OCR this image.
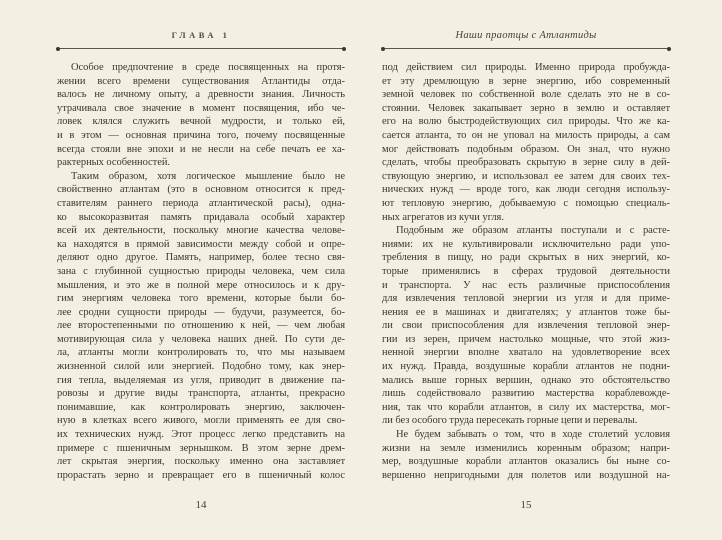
ГЛАВА 1
Особое предпочтение в среде посвященных на протя-
жении всего времени существования Атлантиды отда-
валось не личному опыту, а древности знания. Личность
утрачивала свое значение в момент посвящения, ибо че-
ловек клялся служить вечной мудрости, и только ей,
и в этом — основная причина того, почему посвященные
всегда стояли вне эпохи и не несли на себе печать ее ха-
рактерных особенностей.
Таким образом, хотя логическое мышление было не
свойственно атлантам (это в основном относится к пред-
ставителям раннего периода атлантической расы), одна-
ко высокоразвитая память придавала особый характер
всей их деятельности, поскольку многие качества челове-
ка находятся в прямой зависимости между собой и опре-
деляют одно другое. Память, например, более тесно свя-
зана с глубинной сущностью природы человека, чем сила
мышления, и это же в полной мере относилось и к дру-
гим энергиям человека того времени, которые были бо-
лее сродни сущности природы — будучи, разумеется, бо-
лее второстепенными по отношению к ней, — чем любая
мотивирующая сила у человека наших дней. По сути де-
ла, атланты могли контролировать то, что мы называем
жизненной силой или энергией. Подобно тому, как энер-
гия тепла, выделяемая из угля, приводит в движение па-
ровозы и другие виды транспорта, атланты, прекрасно
понимавшие, как контролировать энергию, заключен-
ную в клетках всего живого, могли применять ее для сво-
их технических нужд. Этот процесс легко представить на
примере с пшеничным зернышком. В этом зерне дрем-
лет скрытая энергия, поскольку именно она заставляет
прорастать зерно и превращает его в пшеничный колос
14
Наши праотцы с Атлантиды
под действием сил природы. Именно природа пробужда-
ет эту дремлющую в зерне энергию, ибо современный
земной человек по собственной воле сделать это не в со-
стоянии. Человек закапывает зерно в землю и оставляет
его на волю быстродействующих сил природы. Что же ка-
сается атланта, то он не уповал на милость природы, а сам
мог действовать подобным образом. Он знал, что нужно
сделать, чтобы преобразовать скрытую в зерне силу в дей-
ствующую энергию, и использовал ее затем для своих тех-
нических нужд — вроде того, как люди сегодня использу-
ют тепловую энергию, добываемую с помощью специаль-
ных агрегатов из кучи угля.
Подобным же образом атланты поступали и с расте-
ниями: их не культивировали исключительно ради упо-
требления в пищу, но ради скрытых в них энергий, ко-
торые применялись в сферах трудовой деятельности
и транспорта. У нас есть различные приспособления
для извлечения тепловой энергии из угля и для приме-
нения ее в машинах и двигателях; у атлантов тоже бы-
ли свои приспособления для извлечения тепловой энер-
гии из зерен, причем настолько мощные, что этой жиз-
ненной энергии вполне хватало на удовлетворение всех
их нужд. Правда, воздушные корабли атлантов не подни-
мались выше горных вершин, однако это обстоятельство
лишь содействовало развитию мастерства кораблевожде-
ния, так что корабли атлантов, в силу их мастерства, мог-
ли без особого труда пересекать горные цепи и перевалы.
Не будем забывать о том, что в ходе столетий условия
жизни на земле изменились коренным образом; напри-
мер, воздушные корабли атлантов оказались бы ныне со-
вершенно непригодными для полетов или воздушной на-
15
